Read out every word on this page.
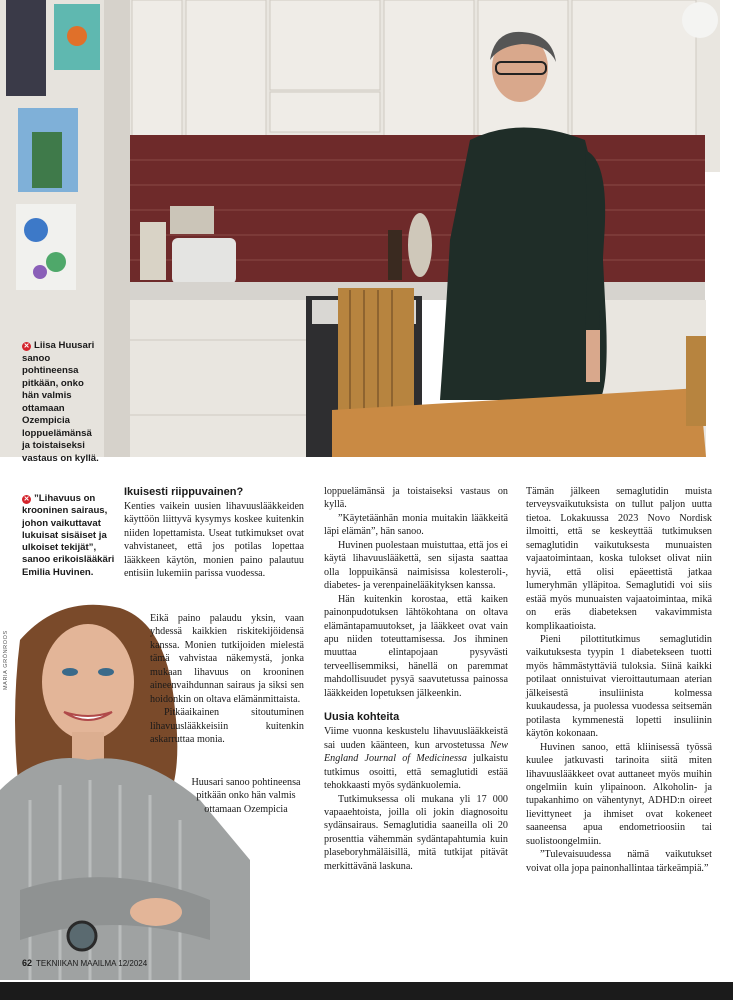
✕ Liisa Huusari sanoo pohtineensa pitkään, onko hän valmis ottamaan Ozempicia loppuelämänsä ja toistaiseksi vastaus on kyllä.
✕ ”Lihavuus on krooninen sairaus, johon vaikuttavat lukuisat sisäiset ja ulkoiset tekijät”, sanoo erikoislääkäri Emilia Huvinen.
MARIA GRÖNROOS
Ikuisesti riippuvainen?

Kenties vaikein uusien lihavuuslääkkeiden käyttöön liittyvä kysymys koskee kuitenkin niiden lopettamista. Useat tutkimukset ovat vahvistaneet, että jos potilas lopettaa lääkkeen käytön, monien paino palautuu entisiin lukemiin parissa vuodessa.

Eikä paino palaudu yksin, vaan yhdessä kaikkien riskitekijöidensä kanssa. Monien tutkijoiden mielestä tämä vahvistaa näkemystä, jonka mukaan lihavuus on krooninen aineenvaihdunnan sairaus ja siksi sen hoidonkin on oltava elämänmittaista.

Pitkäaikainen sitoutuminen lihavuuslääkkeisiin kuitenkin askarruttaa monia.

Huusari sanoo pohtineensa pitkään onko hän valmis ottamaan Ozempicia

loppuelämänsä ja toistaiseksi vastaus on kyllä.

”Käytetäänhän monia muitakin lääkkeitä läpi elämän”, hän sanoo.

Huvinen puolestaan muistuttaa, että jos ei käytä lihavuuslääkettä, sen sijasta saattaa olla loppuikänsä naimisissa kolesteroli-, diabetes- ja verenpainelääkityksen kanssa.

Hän kuitenkin korostaa, että kaiken painonpudotuksen lähtökohtana on oltava elämäntapamuutokset, ja lääkkeet ovat vain apu niiden toteuttamisessa. Jos ihminen muuttaa elintapojaan pysyvästi terveellisemmiksi, hänellä on paremmat mahdollisuudet pysyä saavutetussa painossa lääkkeiden lopetuksen jälkeenkin.

Uusia kohteita

Viime vuonna keskustelu lihavuuslääkkeistä sai uuden käänteen, kun arvostetussa New England Journal of Medicinessa julkaistu tutkimus osoitti, että semaglutidi estää tehokkaasti myös sydänkuolemia.

Tutkimuksessa oli mukana yli 17 000 vapaaehtoista, joilla oli jokin diagnosoitu sydänsairaus. Semaglutidia saaneilla oli 20 prosenttia vähemmän sydäntapahtumia kuin plaseboryhmäläisillä, mitä tutkijat pitävät merkittävänä laskuna.

Tämän jälkeen semaglutidin muista terveysvaikutuksista on tullut paljon uutta tietoa. Lokakuussa 2023 Novo Nordisk ilmoitti, että se keskeyttää tutkimuksen semaglutidin vaikutuksesta munuaisten vajaatoimintaan, koska tulokset olivat niin hyviä, että olisi epäeettistä jatkaa lumeryhmän ylläpitoa. Semaglutidi voi siis estää myös munuaisten vajaatoimintaa, mikä on eräs diabeteksen vakavimmista komplikaatioista.

Pieni pilottitutkimus semaglutidin vaikutuksesta tyypin 1 diabetekseen tuotti myös hämmästyttäviä tuloksia. Siinä kaikki potilaat onnistuivat vieroittautumaan aterian jälkeisestä insuliinista kolmessa kuukaudessa, ja puolessa vuodessa seitsemän potilasta kymmenestä lopetti insuliinin käytön kokonaan.

Huvinen sanoo, että kliinisessä työssä kuulee jatkuvasti tarinoita siitä miten lihavuuslääkkeet ovat auttaneet myös muihin ongelmiin kuin ylipainoon. Alkoholin- ja tupakanhimo on vähentynyt, ADHD:n oireet lievittyneet ja ihmiset ovat kokeneet saaneensa apua endometrioosiin tai suolistoongelmiin.

”Tulevaisuudessa nämä vaikutukset voivat olla jopa painonhallintaa tärkeämpiä.”

62 TEKNIIKAN MAAILMA 12/2024
